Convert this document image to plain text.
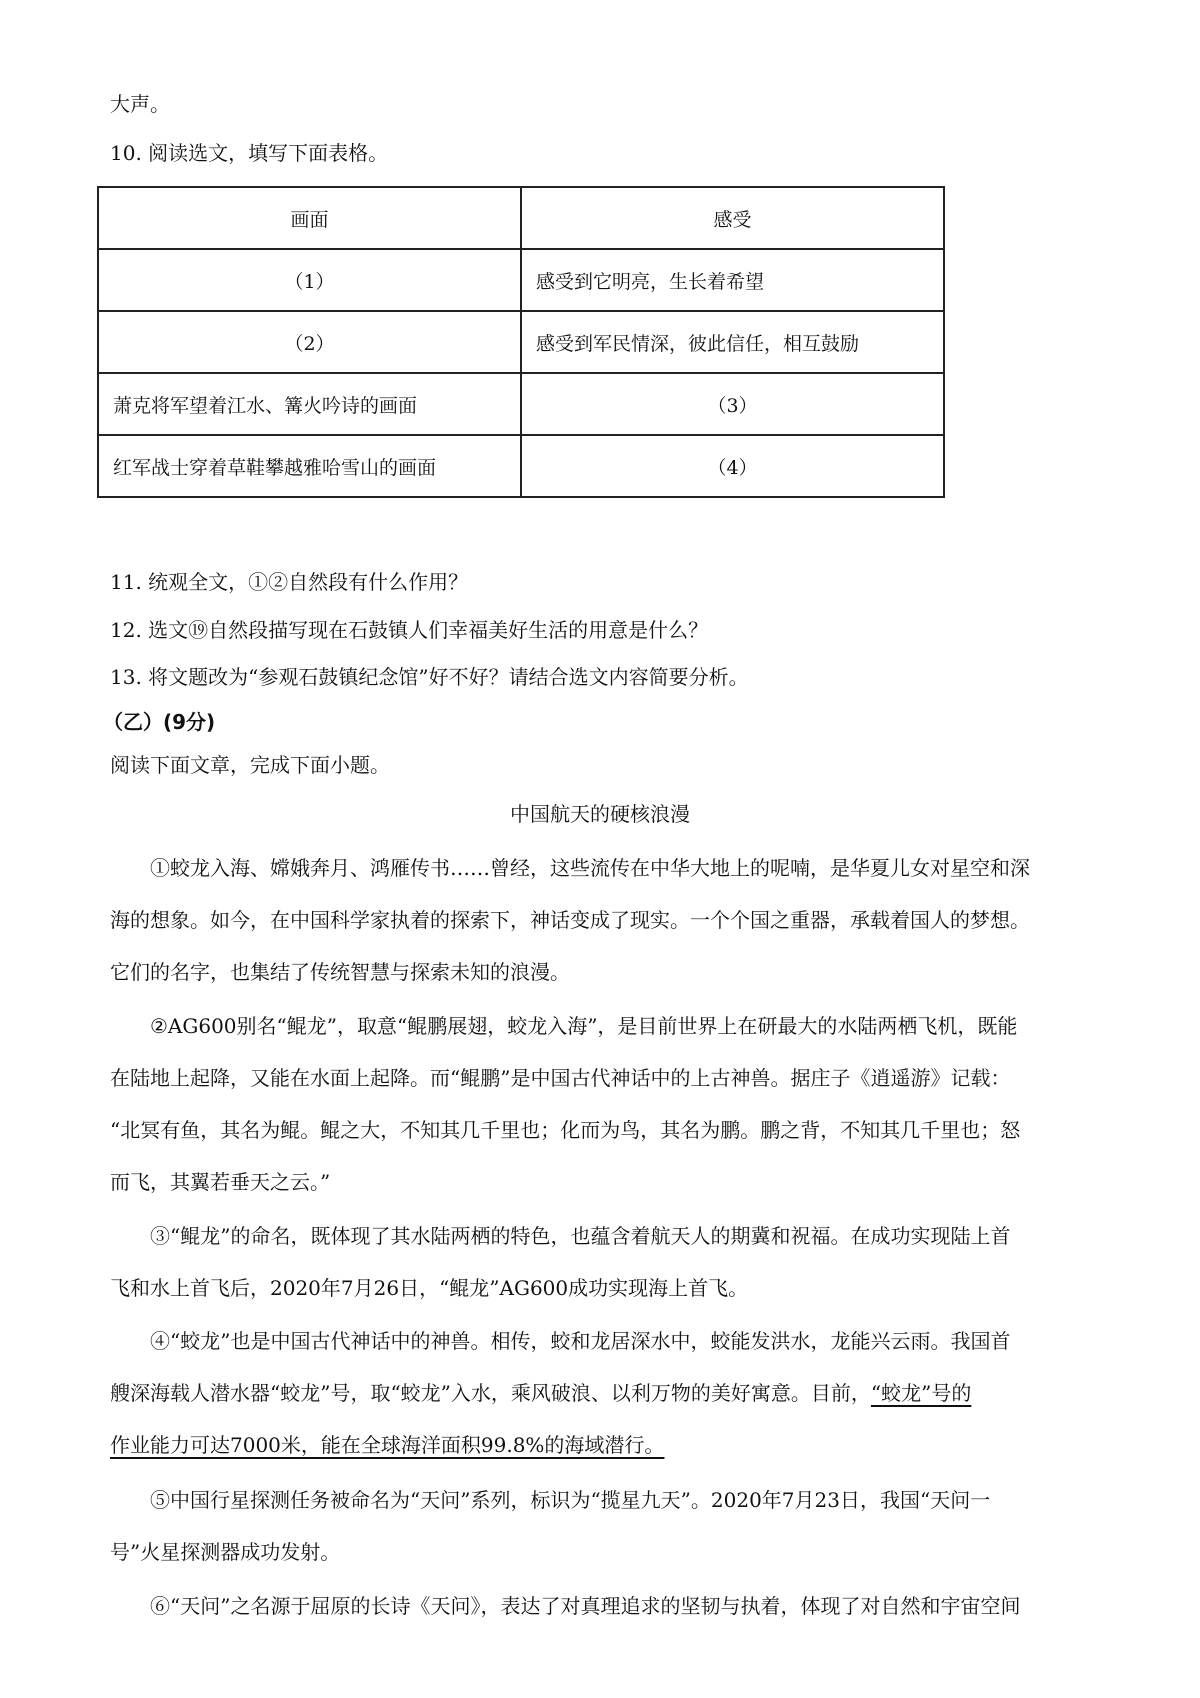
大声。
10. 阅读选文，填写下面表格。
画面	感受
（1）	感受到它明亮，生长着希望
（2）	感受到军民情深，彼此信任，相互鼓励
萧克将军望着江水、篝火吟诗的画面	（3）
红军战士穿着草鞋攀越雅哈雪山的画面	（4）
11. 统观全文，①②自然段有什么作用？
12. 选文⑲自然段描写现在石鼓镇人们幸福美好生活的用意是什么？
13. 将文题改为“参观石鼓镇纪念馆”好不好？请结合选文内容简要分析。
（乙）(9分)
阅读下面文章，完成下面小题。
中国航天的硬核浪漫
①蛟龙入海、嫦娥奔月、鸿雁传书……曾经，这些流传在中华大地上的呢喃，是华夏儿女对星空和深
海的想象。如今，在中国科学家执着的探索下，神话变成了现实。一个个国之重器，承载着国人的梦想。
它们的名字，也集结了传统智慧与探索未知的浪漫。
②AG600别名“鲲龙”，取意“鲲鹏展翅，蛟龙入海”，是目前世界上在研最大的水陆两栖飞机，既能
在陆地上起降，又能在水面上起降。而“鲲鹏”是中国古代神话中的上古神兽。据庄子《逍遥游》记载：
“北冥有鱼，其名为鲲。鲲之大，不知其几千里也；化而为鸟，其名为鹏。鹏之背，不知其几千里也；怒
而飞，其翼若垂天之云。”
③“鲲龙”的命名，既体现了其水陆两栖的特色，也蕴含着航天人的期冀和祝福。在成功实现陆上首
飞和水上首飞后，2020年7月26日，“鲲龙”AG600成功实现海上首飞。
④“蛟龙”也是中国古代神话中的神兽。相传，蛟和龙居深水中，蛟能发洪水，龙能兴云雨。我国首
艘深海载人潜水器“蛟龙”号，取“蛟龙”入水，乘风破浪、以利万物的美好寓意。目前，“蛟龙”号的
作业能力可达7000米，能在全球海洋面积99.8%的海域潜行。
⑤中国行星探测任务被命名为“天问”系列，标识为“揽星九天”。2020年7月23日，我国“天问一
号”火星探测器成功发射。
⑥“天问”之名源于屈原的长诗《天问》，表达了对真理追求的坚韧与执着，体现了对自然和宇宙空间
